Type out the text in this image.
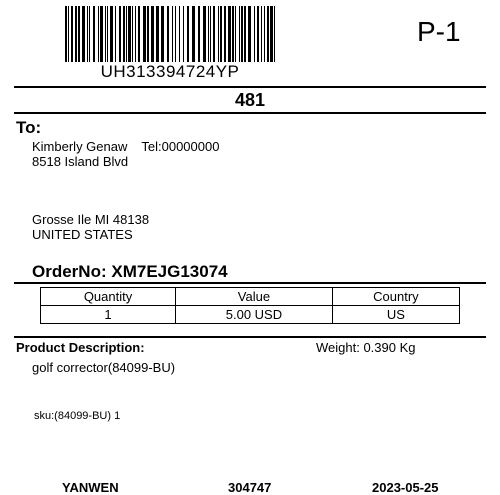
UH313394724YP
P-1
481
To:
Kimberly Genaw Tel:00000000
8518 Island Blvd
Grosse Ile MI 48138
UNITED STATES
OrderNo: XM7EJG13074
Quantity	Value	Country
1	5.00 USD	US
Product Description:	Weight: 0.390 Kg
golf corrector(84099-BU)
sku:(84099-BU) 1
YANWEN	304747	2023-05-25
